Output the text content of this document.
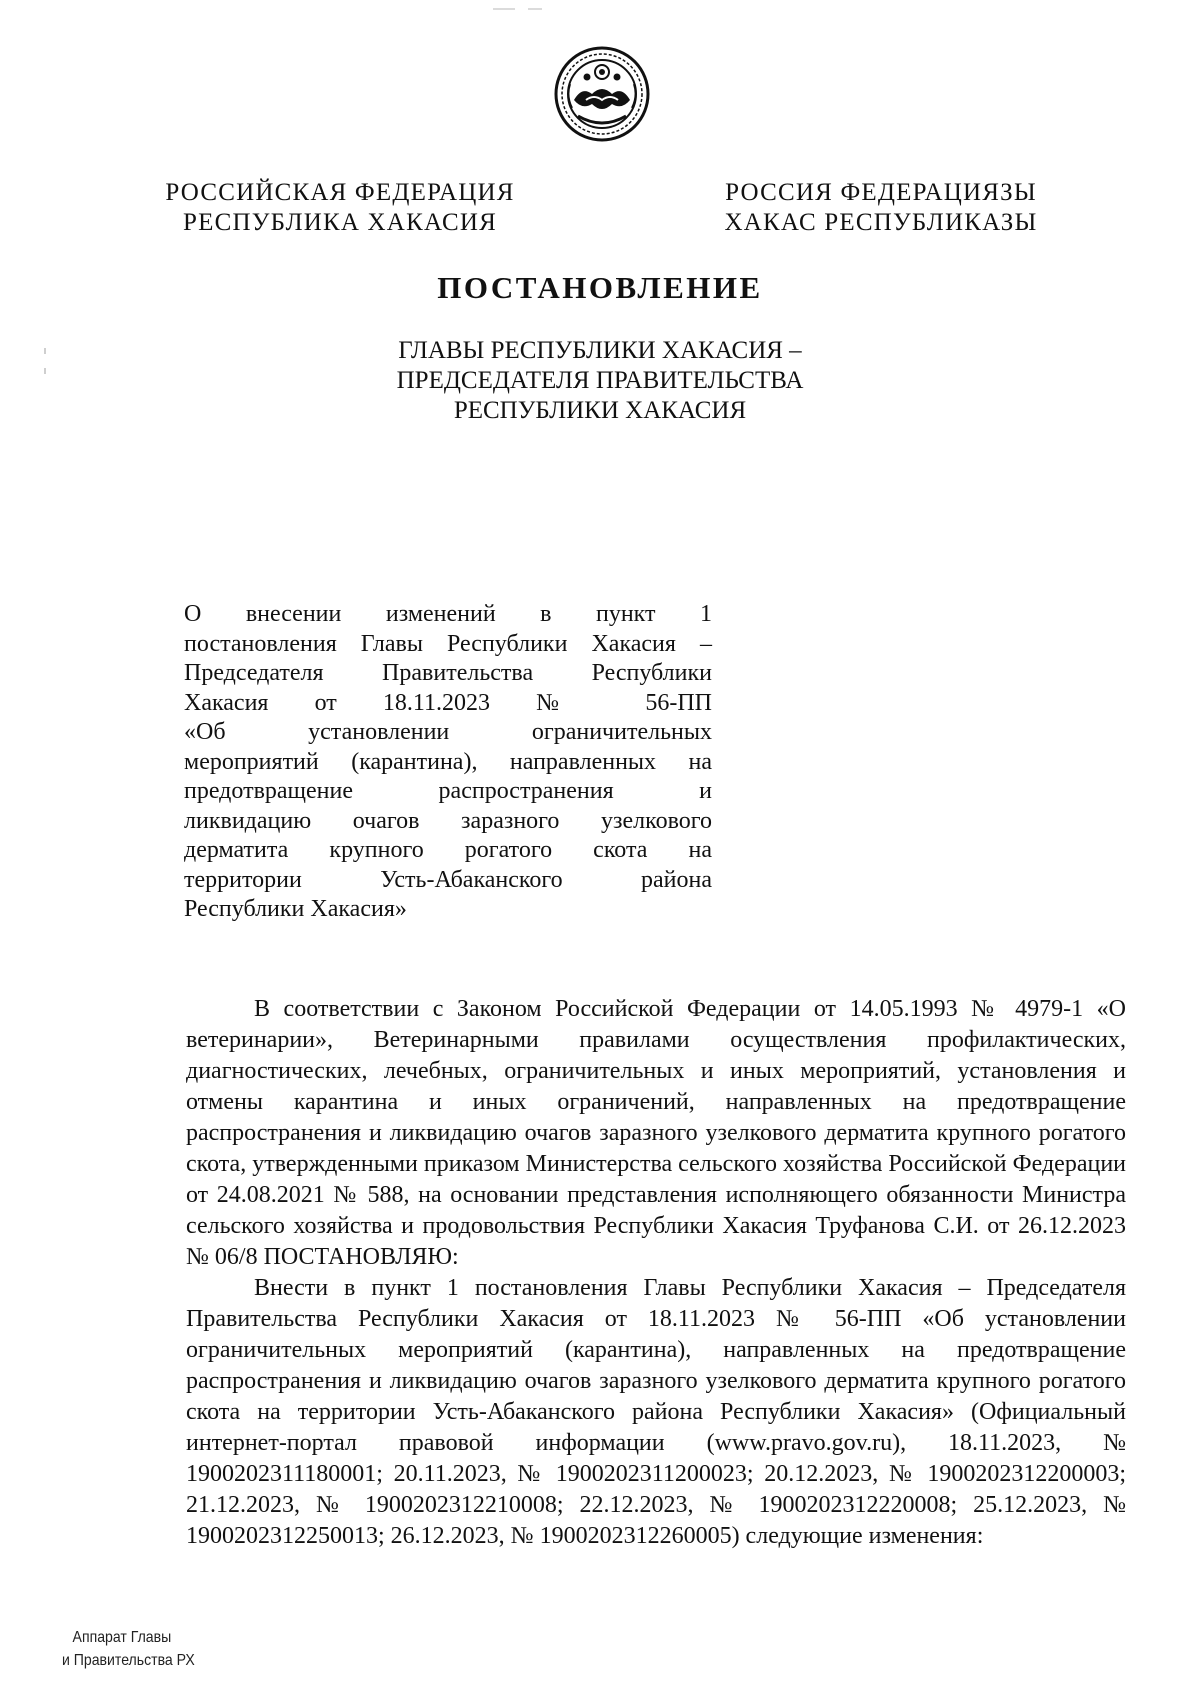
РОССИЙСКАЯ ФЕДЕРАЦИЯ
РЕСПУБЛИКА ХАКАСИЯ
РОССИЯ ФЕДЕРАЦИЯЗЫ
ХАКАС РЕСПУБЛИКАЗЫ
ПОСТАНОВЛЕНИЕ
ГЛАВЫ РЕСПУБЛИКИ ХАКАСИЯ –
ПРЕДСЕДАТЕЛЯ ПРАВИТЕЛЬСТВА
РЕСПУБЛИКИ ХАКАСИЯ
О внесении изменений в пункт 1
постановления Главы Республики Хакасия –
Председателя Правительства Республики
Хакасия от 18.11.2023 № 56-ПП
«Об установлении ограничительных
мероприятий (карантина), направленных на
предотвращение распространения и
ликвидацию очагов заразного узелкового
дерматита крупного рогатого скота на
территории Усть-Абаканского района
Республики Хакасия»

В соответствии с Законом Российской Федерации от 14.05.1993 № 4979-1 «О ветеринарии», Ветеринарными правилами осуществления профилактических, диагностических, лечебных, ограничительных и иных мероприятий, установления и отмены карантина и иных ограничений, направленных на предотвращение распространения и ликвидацию очагов заразного узелкового дерматита крупного рогатого скота, утвержденными приказом Министерства сельского хозяйства Российской Федерации от 24.08.2021 № 588, на основании представления исполняющего обязанности Министра сельского хозяйства и продовольствия Республики Хакасия Труфанова С.И. от 26.12.2023 № 06/8 ПОСТАНОВЛЯЮ:

Внести в пункт 1 постановления Главы Республики Хакасия – Председателя Правительства Республики Хакасия от 18.11.2023 № 56-ПП «Об установлении ограничительных мероприятий (карантина), направленных на предотвращение распространения и ликвидацию очагов заразного узелкового дерматита крупного рогатого скота на территории Усть-Абаканского района Республики Хакасия» (Официальный интернет-портал правовой информации (www.pravo.gov.ru), 18.11.2023, № 1900202311180001; 20.11.2023, № 1900202311200023; 20.12.2023, № 1900202312200003; 21.12.2023, № 1900202312210008; 22.12.2023, № 1900202312220008; 25.12.2023, № 1900202312250013; 26.12.2023, № 1900202312260005) следующие изменения:

Аппарат Главы
и Правительства РХ
